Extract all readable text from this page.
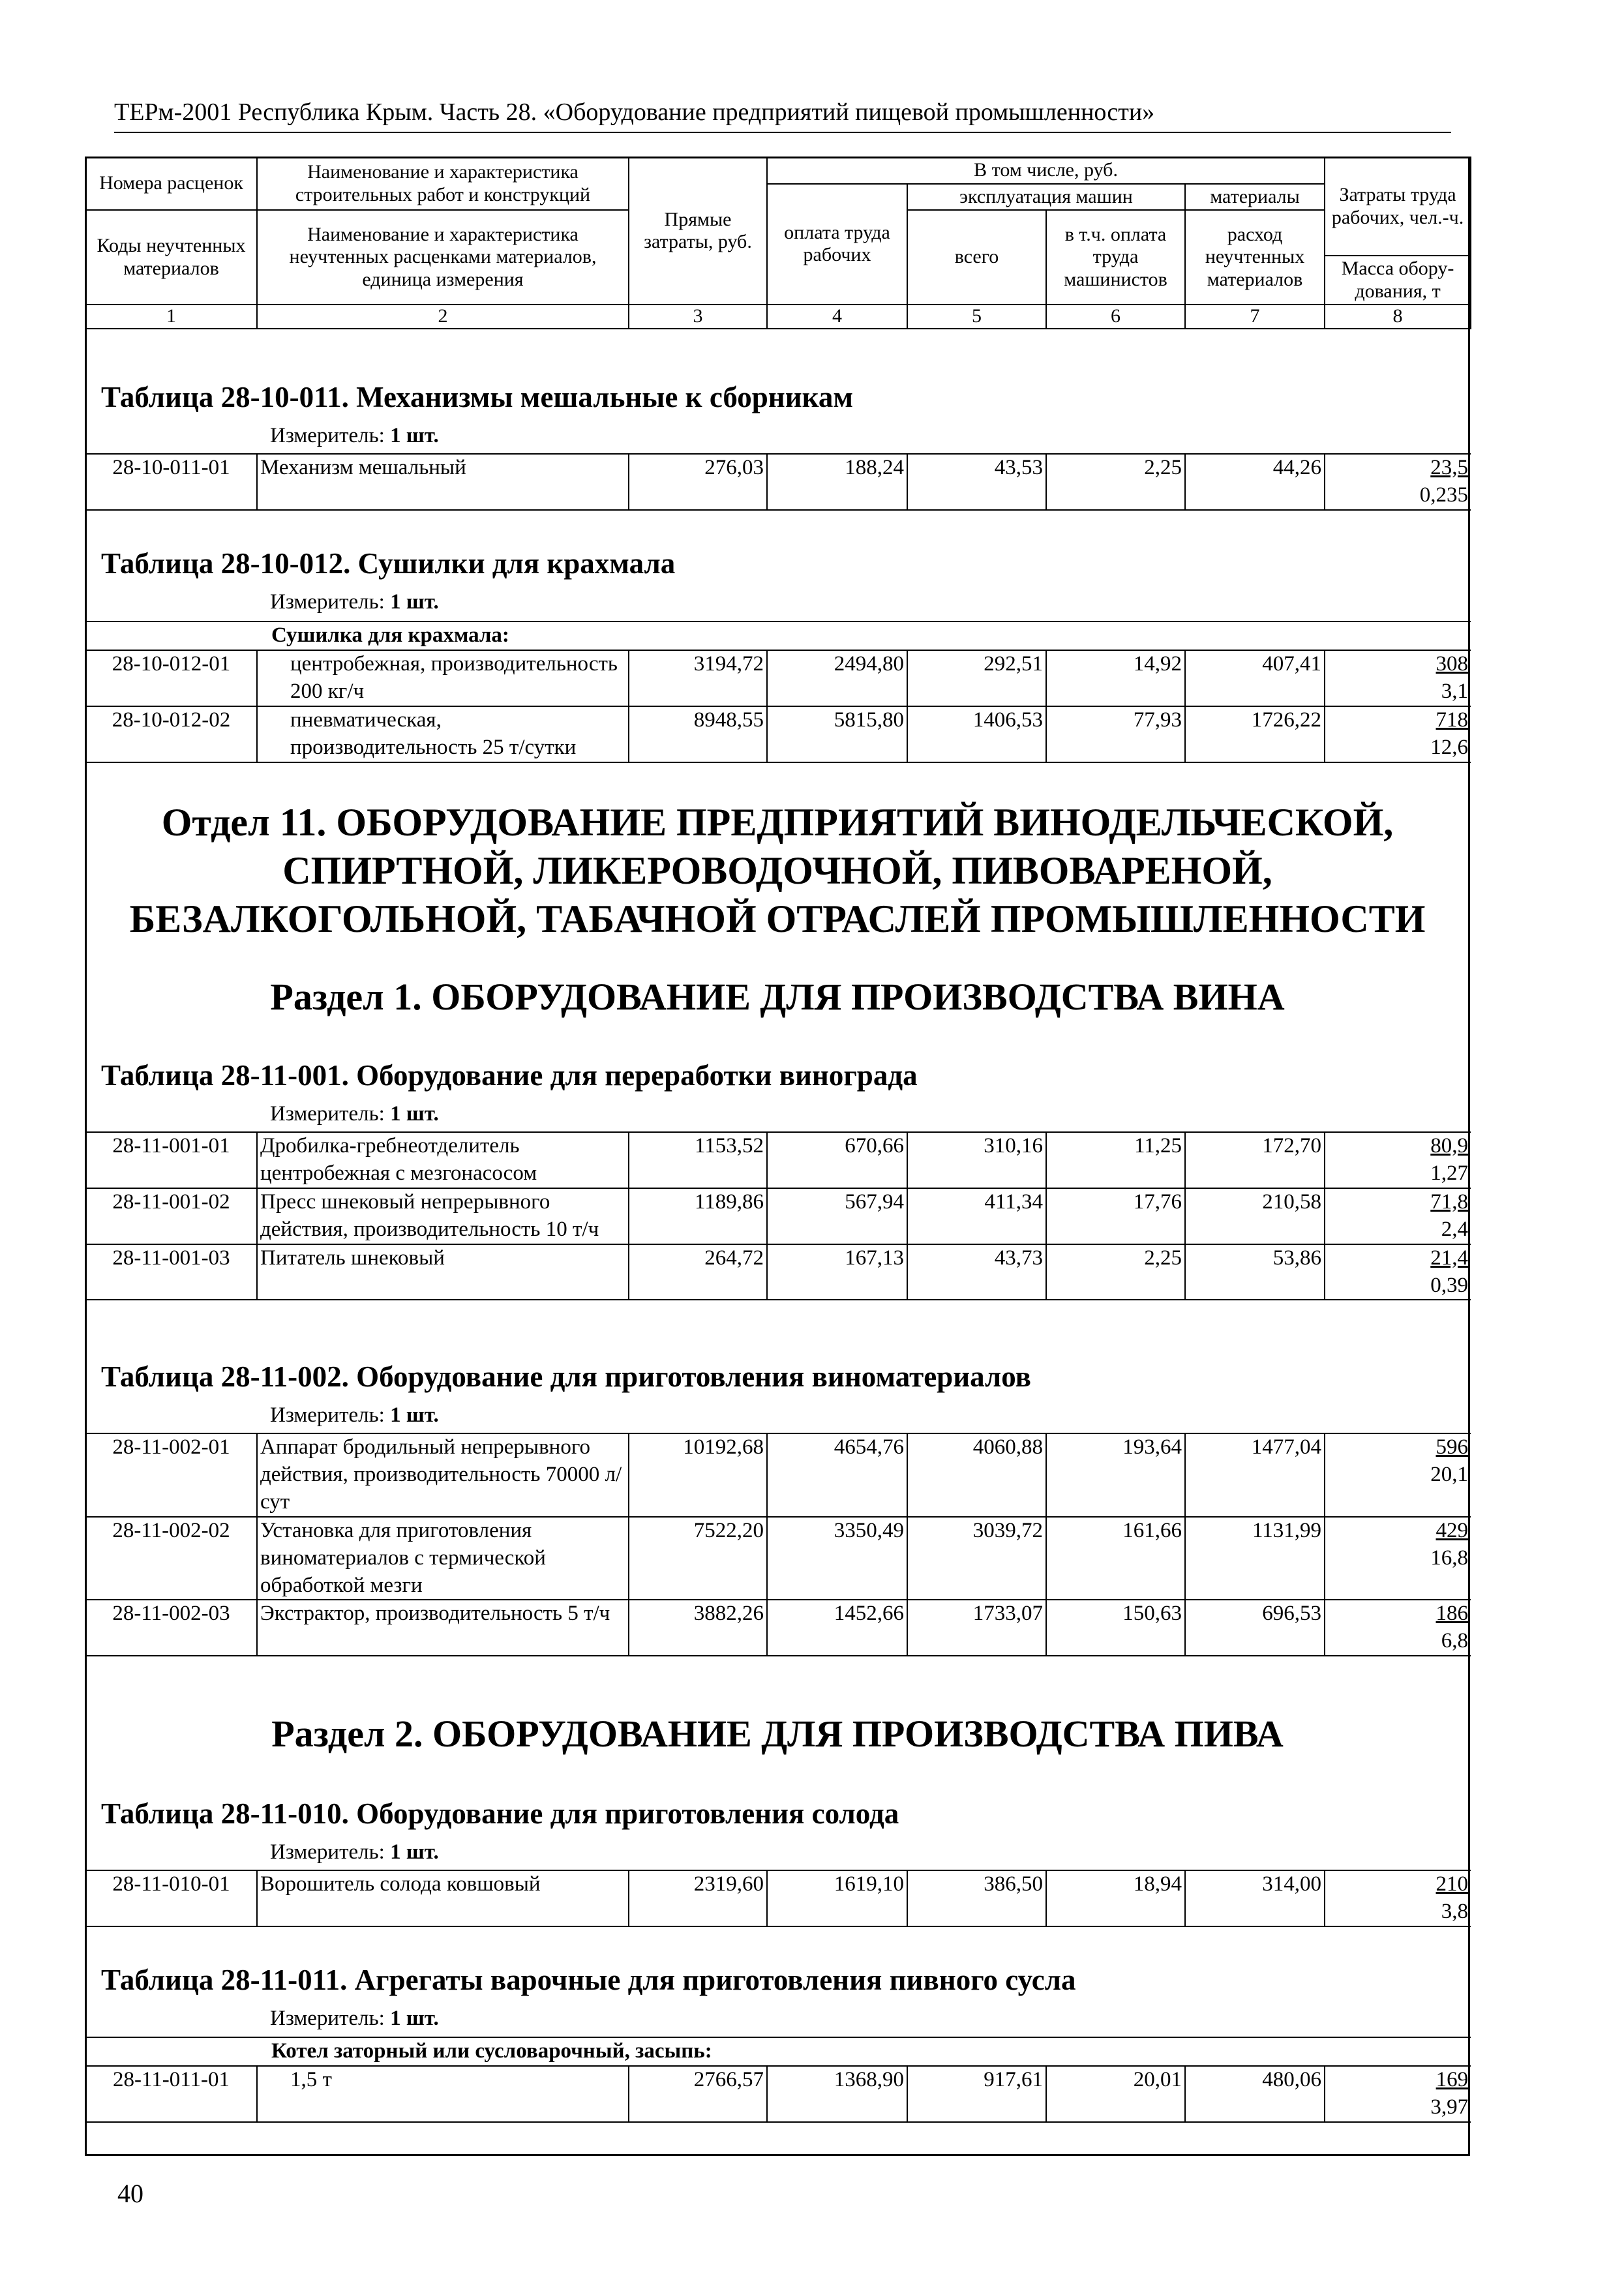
ТЕРм-2001 Республика Крым. Часть 28. «Оборудование предприятий пищевой промышленности»
Номера расценок	Наименование и характеристика строительных работ и конструкций	Прямые затраты, руб.	В том числе, руб.				Затраты труда рабочих, чел.-ч.
			оплата труда рабочих	эксплуатация машин		материалы	
Коды неучтенных материалов	Наименование и характеристика неучтенных расценками материалов, единица измерения			всего	в т.ч. оплата труда машинистов	расход неучтенных материалов	
							Масса обору-дования, т
1	2	3	4	5	6	7	8
Таблица 28-10-011. Механизмы мешальные к сборникам
Измеритель: 1 шт.
28-10-011-01	Механизм мешальный	276,03	188,24	43,53	2,25	44,26	23,5
0,235
Таблица 28-10-012. Сушилки для крахмала
Измеритель: 1 шт.
Сушилка для крахмала:							
28-10-012-01	центробежная, производительность 200 кг/ч	3194,72	2494,80	292,51	14,92	407,41	308
3,1

28-10-012-02	пневматическая, производительность 25 т/сутки	8948,55	5815,80	1406,53	77,93	1726,22	718
12,6
Отдел 11. ОБОРУДОВАНИЕ ПРЕДПРИЯТИЙ ВИНОДЕЛЬЧЕСКОЙ,
СПИРТНОЙ, ЛИКЕРОВОДОЧНОЙ, ПИВОВАРЕНОЙ,
БЕЗАЛКОГОЛЬНОЙ, ТАБАЧНОЙ ОТРАСЛЕЙ ПРОМЫШЛЕННОСТИ
Раздел 1. ОБОРУДОВАНИЕ ДЛЯ ПРОИЗВОДСТВА ВИНА
Таблица 28-11-001. Оборудование для переработки винограда
Измеритель: 1 шт.
28-11-001-01	Дробилка-гребнеотделитель центробежная с мезгонасосом	1153,52	670,66	310,16	11,25	172,70	80,9
1,27

28-11-001-02	Пресс шнековый непрерывного действия, производительность 10 т/ч	1189,86	567,94	411,34	17,76	210,58	71,8
2,4

28-11-001-03	Питатель шнековый	264,72	167,13	43,73	2,25	53,86	21,4
0,39
Таблица 28-11-002. Оборудование для приготовления виноматериалов
Измеритель: 1 шт.
28-11-002-01	Аппарат бродильный непрерывного действия, производительность 70000 л/сут	10192,68	4654,76	4060,88	193,64	1477,04	596
20,1

28-11-002-02	Установка для приготовления виноматериалов с термической обработкой мезги	7522,20	3350,49	3039,72	161,66	1131,99	429
16,8

28-11-002-03	Экстрактор, производительность 5 т/ч	3882,26	1452,66	1733,07	150,63	696,53	186
6,8
Раздел 2. ОБОРУДОВАНИЕ ДЛЯ ПРОИЗВОДСТВА ПИВА
Таблица 28-11-010. Оборудование для приготовления солода
Измеритель: 1 шт.
28-11-010-01	Ворошитель солода ковшовый	2319,60	1619,10	386,50	18,94	314,00	210
3,8
Таблица 28-11-011. Агрегаты варочные для приготовления пивного сусла
Измеритель: 1 шт.
Котел заторный или сусловарочный, засыпь:
28-11-011-01	1,5 т	2766,57	1368,90	917,61	20,01	480,06	169
3,97
40
